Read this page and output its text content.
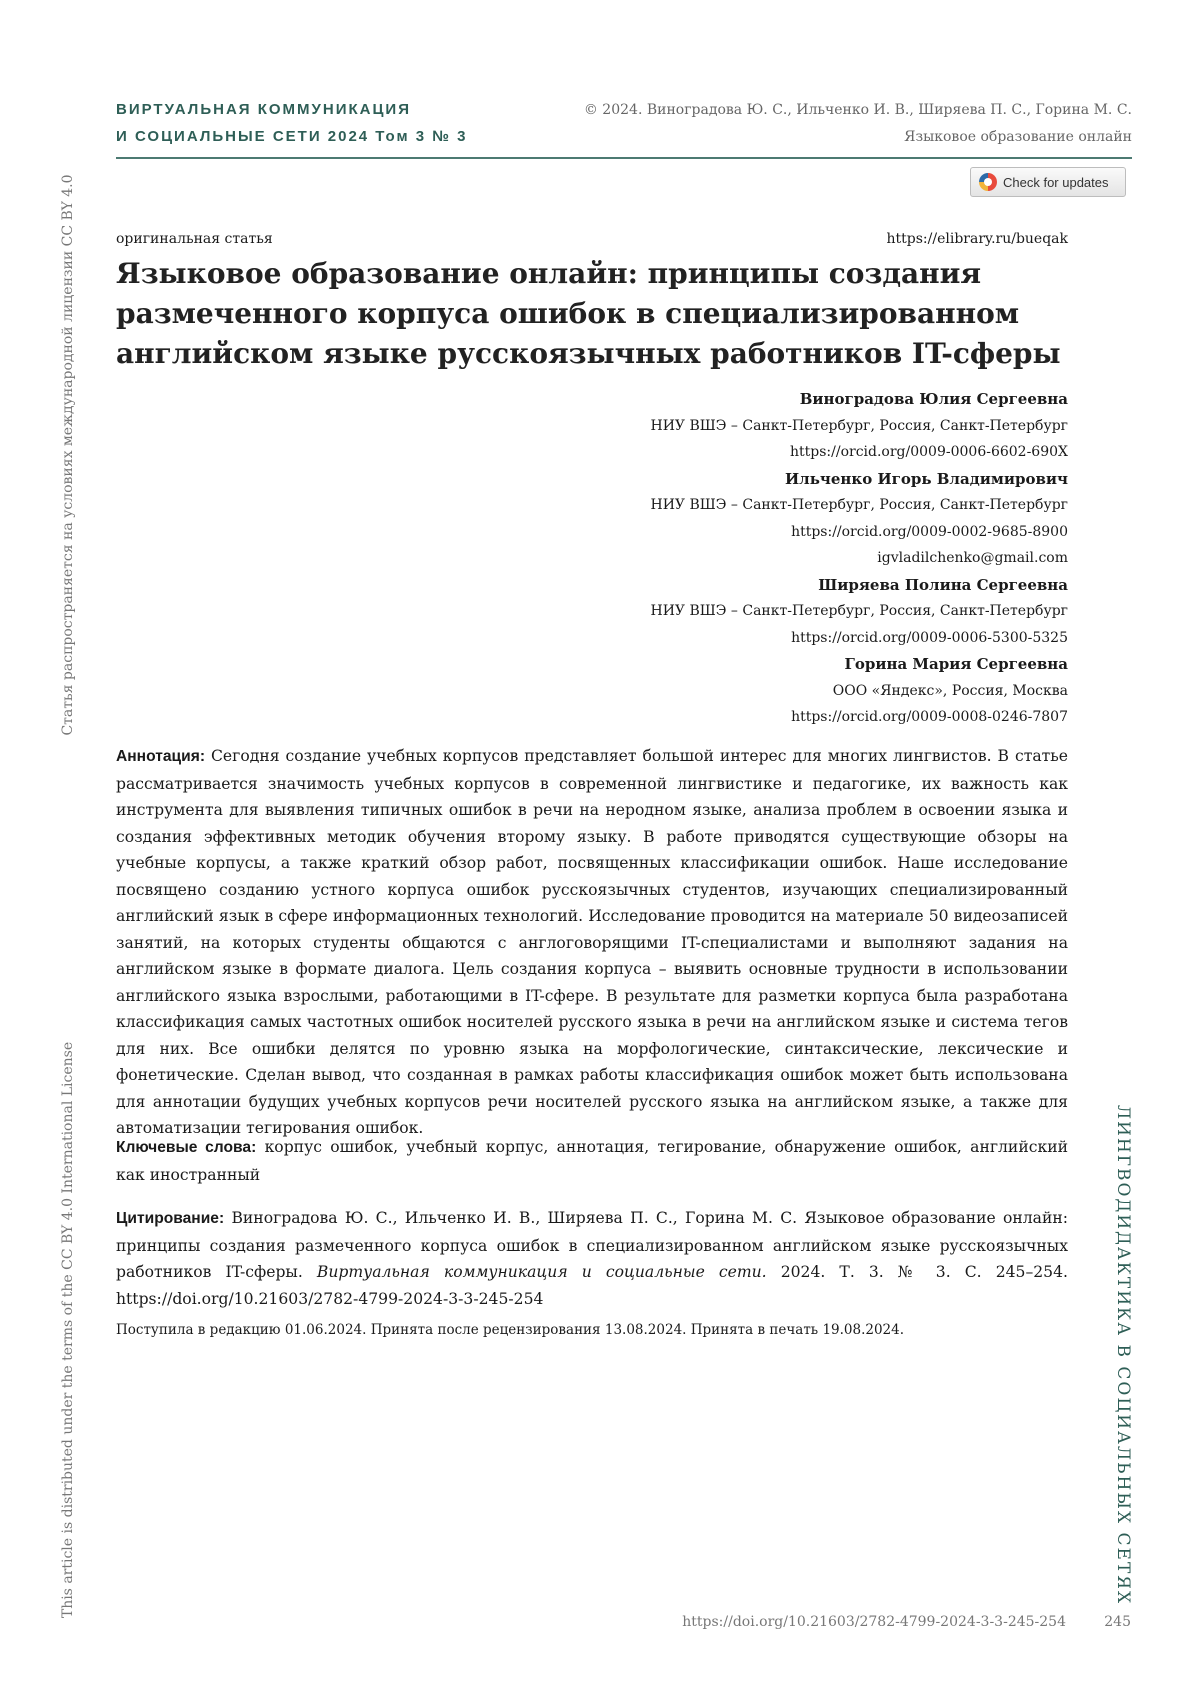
ВИРТУАЛЬНАЯ КОММУНИКАЦИЯ
И СОЦИАЛЬНЫЕ СЕТИ 2024 Том 3 № 3
© 2024. Виноградова Ю. С., Ильченко И. В., Ширяева П. С., Горина М. С.
Языковое образование онлайн
Check for updates
оригинальная статья	https://elibrary.ru/bueqak
Языковое образование онлайн: принципы создания
размеченного корпуса ошибок в специализированном
английском языке русскоязычных работников IT-сферы
Виноградова Юлия Сергеевна
НИУ ВШЭ – Санкт-Петербург, Россия, Санкт-Петербург
https://orcid.org/0009-0006-6602-690X
Ильченко Игорь Владимирович
НИУ ВШЭ – Санкт-Петербург, Россия, Санкт-Петербург
https://orcid.org/0009-0002-9685-8900
igvladilchenko@gmail.com
Ширяева Полина Сергеевна
НИУ ВШЭ – Санкт-Петербург, Россия, Санкт-Петербург
https://orcid.org/0009-0006-5300-5325
Горина Мария Сергеевна
ООО «Яндекс», Россия, Москва
https://orcid.org/0009-0008-0246-7807

Аннотация: Сегодня создание учебных корпусов представляет большой интерес для многих лингвистов. В статье рассматривается значимость учебных корпусов в современной лингвистике и педагогике, их важность как инструмента для выявления типичных ошибок в речи на неродном языке, анализа проблем в освоении языка и создания эффективных методик обучения второму языку. В работе приводятся существующие обзоры на учебные корпусы, а также краткий обзор работ, посвященных классификации ошибок. Наше исследование посвящено созданию устного корпуса ошибок русскоязычных студентов, изучающих специализированный английский язык в сфере информационных технологий. Исследование проводится на материале 50 видеозаписей занятий, на которых студенты общаются с англоговорящими IT-специалистами и выполняют задания на английском языке в формате диалога. Цель создания корпуса – выявить основные трудности в использовании английского языка взрослыми, работающими в IT-сфере. В результате для разметки корпуса была разработана классификация самых частотных ошибок носителей русского языка в речи на английском языке и система тегов для них. Все ошибки делятся по уровню языка на морфологические, синтаксические, лексические и фонетические. Сделан вывод, что созданная в рамках работы классификация ошибок может быть использована для аннотации будущих учебных корпусов речи носителей русского языка на английском языке, а также для автоматизации тегирования ошибок.

Ключевые слова: корпус ошибок, учебный корпус, аннотация, тегирование, обнаружение ошибок, английский как иностранный

Цитирование: Виноградова Ю. С., Ильченко И. В., Ширяева П. С., Горина М. С. Языковое образование онлайн: принципы создания размеченного корпуса ошибок в специализированном английском языке русскоязычных работников IT-сферы. Виртуальная коммуникация и социальные сети. 2024. Т. 3. № 3. С. 245–254. https://doi.org/10.21603/2782-4799-2024-3-3-245-254

Поступила в редакцию 01.06.2024. Принята после рецензирования 13.08.2024. Принята в печать 19.08.2024.
Статья распространяется на условиях международной лицензии CC BY 4.0
This article is distributed under the terms of the CC BY 4.0 International License	ЛИНГВОДИДАКТИКА В СОЦИАЛЬНЫХ СЕТЯХ
https://doi.org/10.21603/2782-4799-2024-3-3-245-254	245
